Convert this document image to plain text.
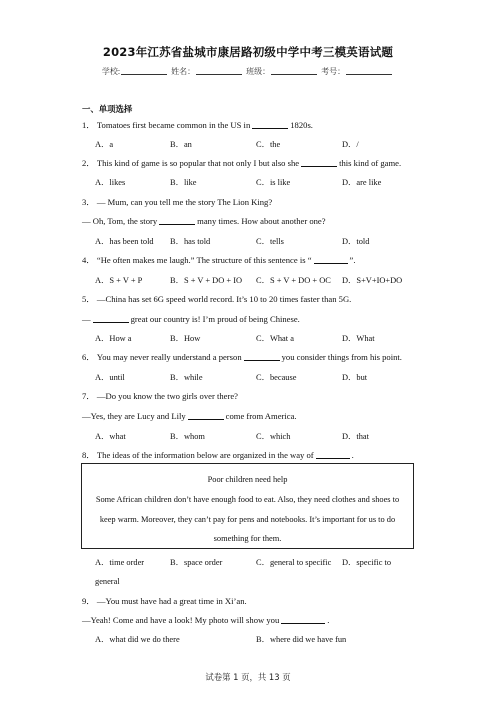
2023年江苏省盐城市康居路初级中学中考三模英语试题
学校:	姓名：	班级：	考号：
一、单项选择
1． Tomatoes first became common in the US in	1820s.
A．a	B．an	C．the	D．/
2． This kind of game is so popular that not only I but also she	this kind of game.
A．likes	B．like	C．is like	D．are like
3． — Mum, can you tell me the story The Lion King?
— Oh, Tom, the story	many times. How about another one?
A．has been told B．has told	C．tells	D．told
4． “He often makes me laugh.” The structure of this sentence is “	”.
A．S + V + P	B．S + V + DO + IO C．S + V + DO + OC D．S+V+IO+DO
5． —China has set 6G speed world record. It’s 10 to 20 times faster than 5G.
—	great our country is! I’m proud of being Chinese.
A．How a	B．How	C．What a	D．What
6． You may never really understand a person	you consider things from his point.
A．until	B．while	C．because	D．but
7． —Do you know the two girls over there?
—Yes, they are Lucy and Lily	come from America.
A．what	B．whom	C．which	D．that
8． The ideas of the information below are organized in the way of	.
Poor children need help
Some African children don’t have enough food to eat. Also, they need clothes and shoes to
keep warm. Moreover, they can’t pay for pens and notebooks. It’s important for us to do
something for them.
A．time order	B．space order	C．general to specific D．specific to
general
9． —You must have had a great time in Xi’an.
—Yeah! Come and have a look! My photo will show you	.
A．what did we do there	B．where did we have fun
试卷第 1 页，共 13 页
